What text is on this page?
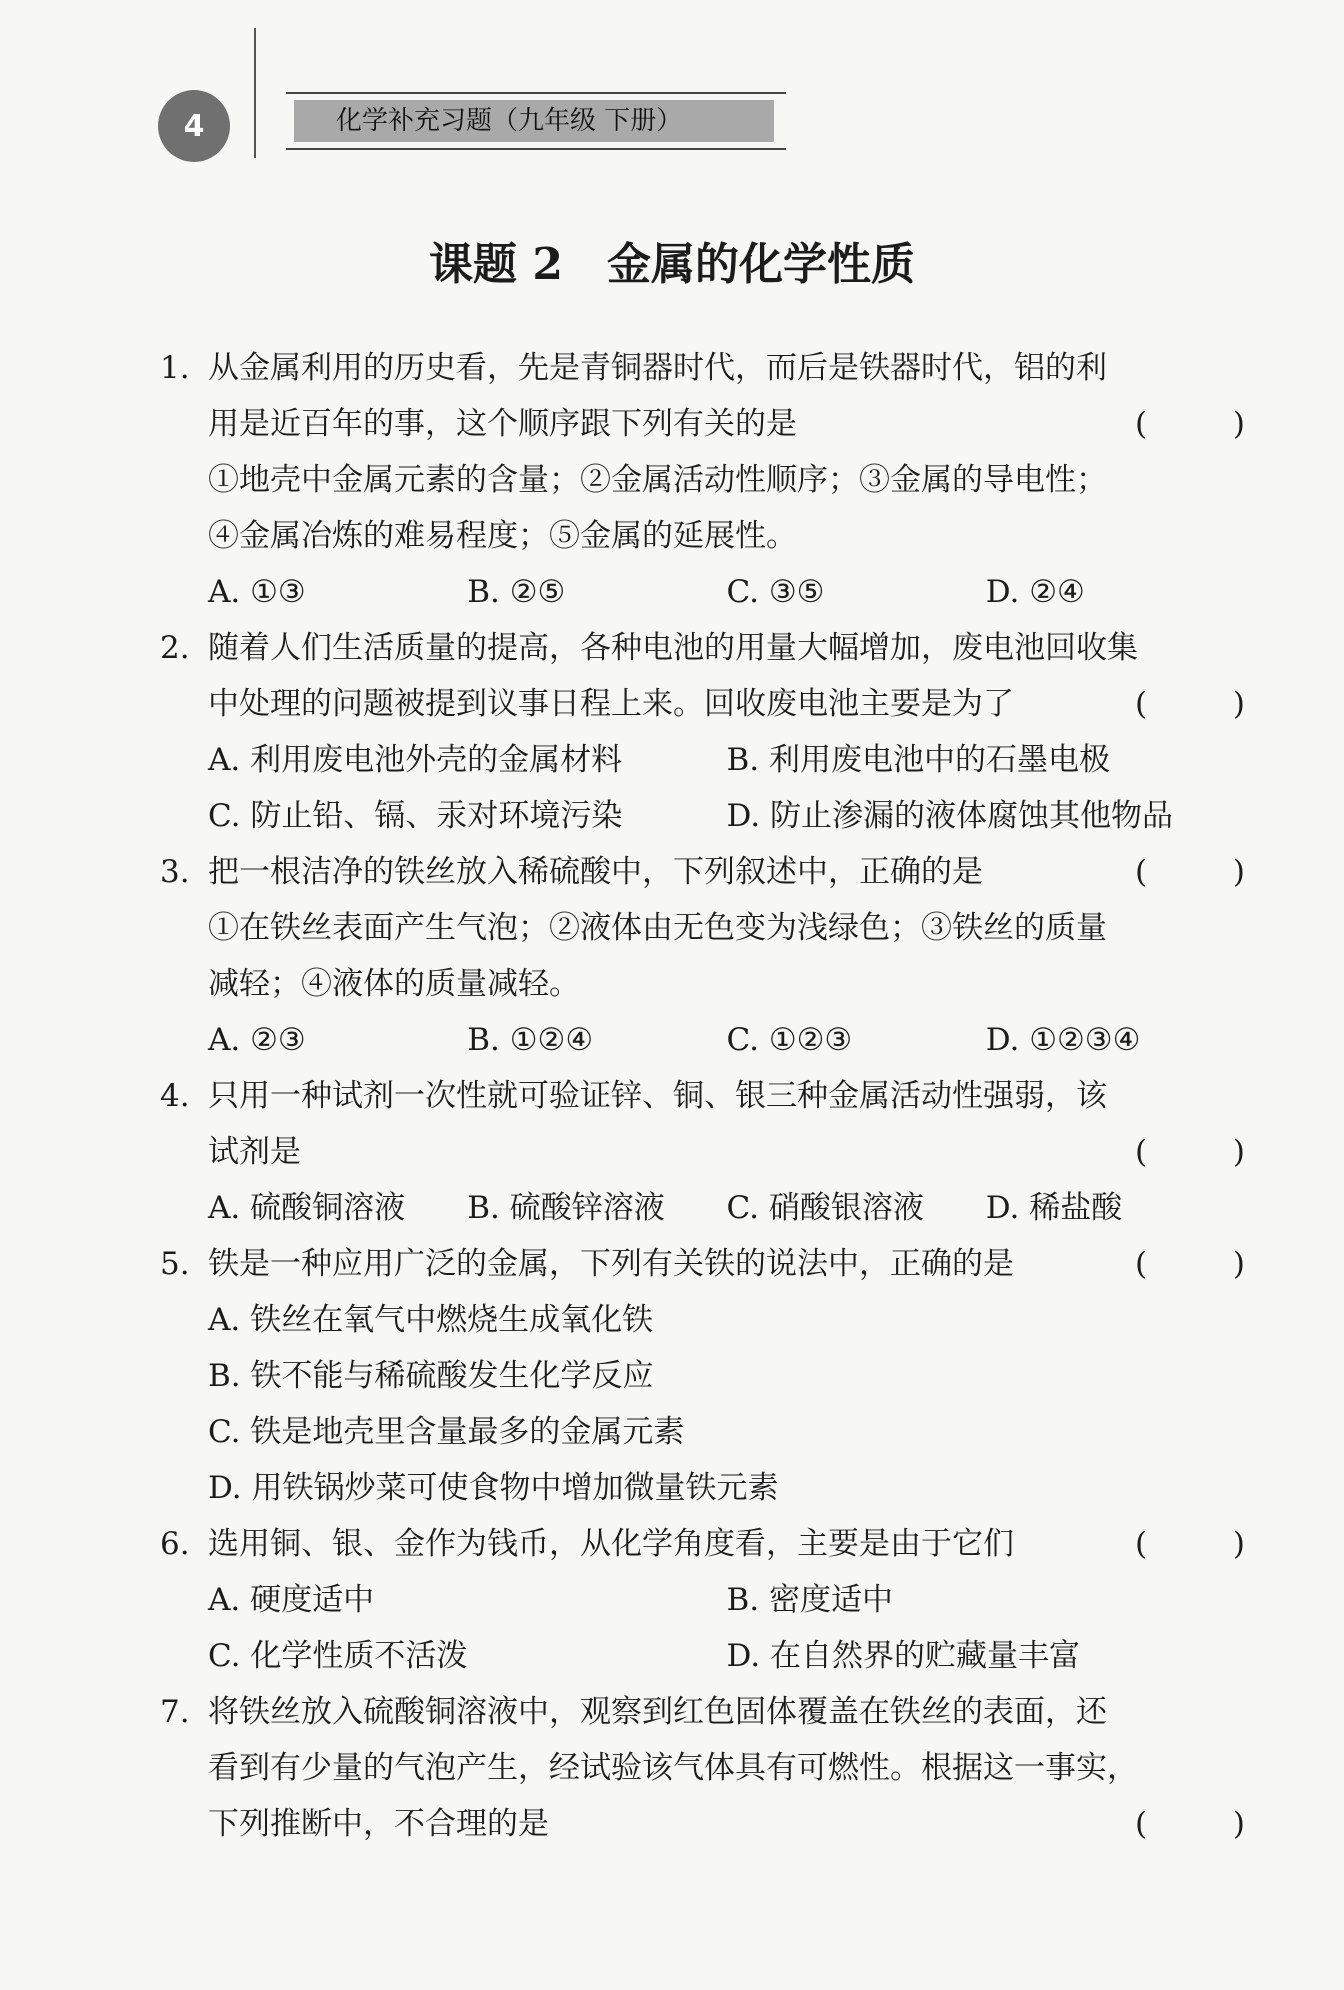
4	化学补充习题（九年级 下册）
课题 2　金属的化学性质
1. 从金属利用的历史看，先是青铜器时代，而后是铁器时代，铝的利
用是近百年的事，这个顺序跟下列有关的是	(	)
①地壳中金属元素的含量；②金属活动性顺序；③金属的导电性；
④金属冶炼的难易程度；⑤金属的延展性。
A. ①③	B. ②⑤	C. ③⑤	D. ②④
2. 随着人们生活质量的提高，各种电池的用量大幅增加，废电池回收集
中处理的问题被提到议事日程上来。回收废电池主要是为了	(	)
A. 利用废电池外壳的金属材料	B. 利用废电池中的石墨电极
C. 防止铅、镉、汞对环境污染	D. 防止渗漏的液体腐蚀其他物品
3. 把一根洁净的铁丝放入稀硫酸中，下列叙述中，正确的是	(	)
①在铁丝表面产生气泡；②液体由无色变为浅绿色；③铁丝的质量
减轻；④液体的质量减轻。
A. ②③	B. ①②④	C. ①②③	D. ①②③④
4. 只用一种试剂一次性就可验证锌、铜、银三种金属活动性强弱，该
试剂是	(	)
A. 硫酸铜溶液	B. 硫酸锌溶液	C. 硝酸银溶液	D. 稀盐酸
5. 铁是一种应用广泛的金属，下列有关铁的说法中，正确的是	(	)
A. 铁丝在氧气中燃烧生成氧化铁
B. 铁不能与稀硫酸发生化学反应
C. 铁是地壳里含量最多的金属元素
D. 用铁锅炒菜可使食物中增加微量铁元素
6. 选用铜、银、金作为钱币，从化学角度看，主要是由于它们	(	)
A. 硬度适中	B. 密度适中
C. 化学性质不活泼	D. 在自然界的贮藏量丰富
7. 将铁丝放入硫酸铜溶液中，观察到红色固体覆盖在铁丝的表面，还
看到有少量的气泡产生，经试验该气体具有可燃性。根据这一事实，
下列推断中，不合理的是	(	)
